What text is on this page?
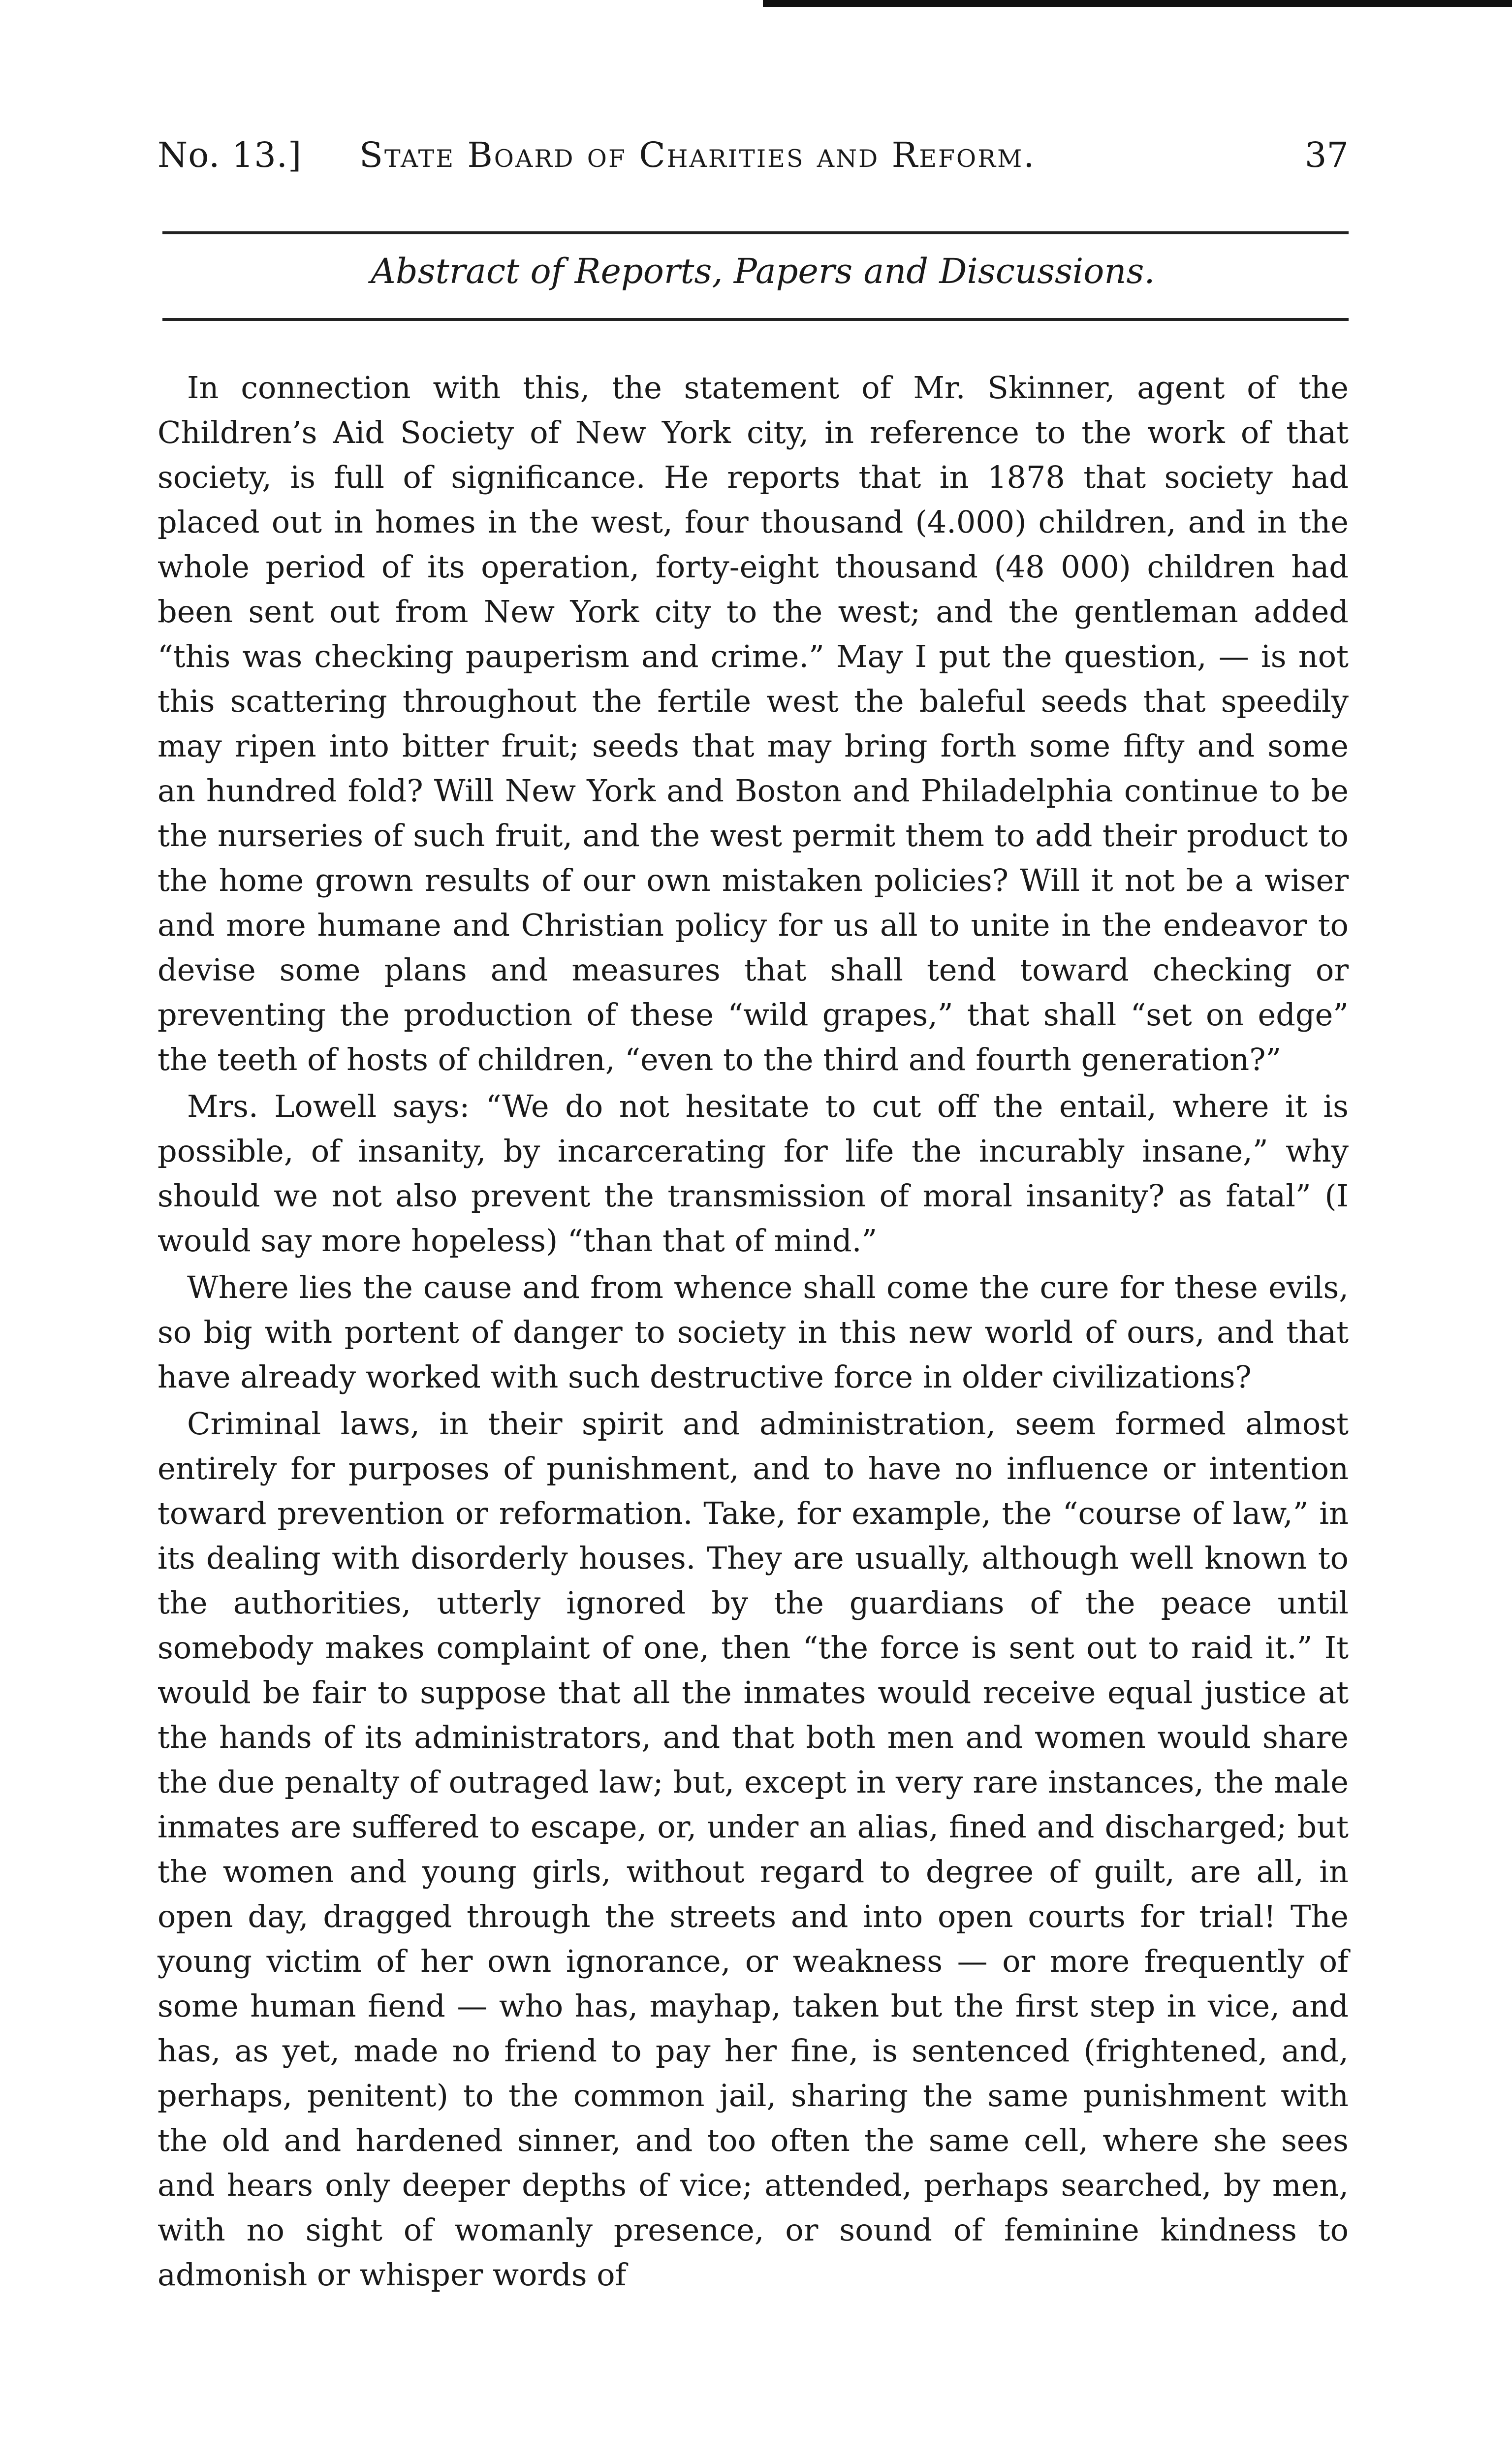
No. 13.] State Board of Charities and Reform.	37
Abstract of Reports, Papers and Discussions.

In connection with this, the statement of Mr. Skinner, agent of the Children’s Aid Society of New York city, in reference to the work of that society, is full of significance. He reports that in 1878 that society had placed out in homes in the west, four thousand (4.000) children, and in the whole period of its operation, forty-eight thousand (48 000) children had been sent out from New York city to the west; and the gentleman added “this was checking pauperism and crime.” May I put the question, — is not this scattering throughout the fertile west the baleful seeds that speedily may ripen into bitter fruit; seeds that may bring forth some fifty and some an hundred fold? Will New York and Boston and Philadelphia continue to be the nurseries of such fruit, and the west permit them to add their product to the home grown results of our own mistaken policies? Will it not be a wiser and more humane and Christian policy for us all to unite in the endeavor to devise some plans and measures that shall tend toward checking or preventing the production of these “wild grapes,” that shall “set on edge” the teeth of hosts of children, “even to the third and fourth generation?”

Mrs. Lowell says: “We do not hesitate to cut off the entail, where it is possible, of insanity, by incarcerating for life the incurably insane,” why should we not also prevent the transmission of moral insanity? as fatal” (I would say more hopeless) “than that of mind.”

Where lies the cause and from whence shall come the cure for these evils, so big with portent of danger to society in this new world of ours, and that have already worked with such destructive force in older civilizations?

Criminal laws, in their spirit and administration, seem formed almost entirely for purposes of punishment, and to have no influence or intention toward prevention or reformation. Take, for example, the “course of law,” in its dealing with disorderly houses. They are usually, although well known to the authorities, utterly ignored by the guardians of the peace until somebody makes complaint of one, then “the force is sent out to raid it.” It would be fair to suppose that all the inmates would receive equal justice at the hands of its administrators, and that both men and women would share the due penalty of outraged law; but, except in very rare instances, the male inmates are suffered to escape, or, under an alias, fined and discharged; but the women and young girls, without regard to degree of guilt, are all, in open day, dragged through the streets and into open courts for trial! The young victim of her own ignorance, or weakness — or more frequently of some human fiend — who has, mayhap, taken but the first step in vice, and has, as yet, made no friend to pay her fine, is sentenced (frightened, and, perhaps, penitent) to the common jail, sharing the same punishment with the old and hardened sinner, and too often the same cell, where she sees and hears only deeper depths of vice; attended, perhaps searched, by men, with no sight of womanly presence, or sound of feminine kindness to admonish or whisper words of
